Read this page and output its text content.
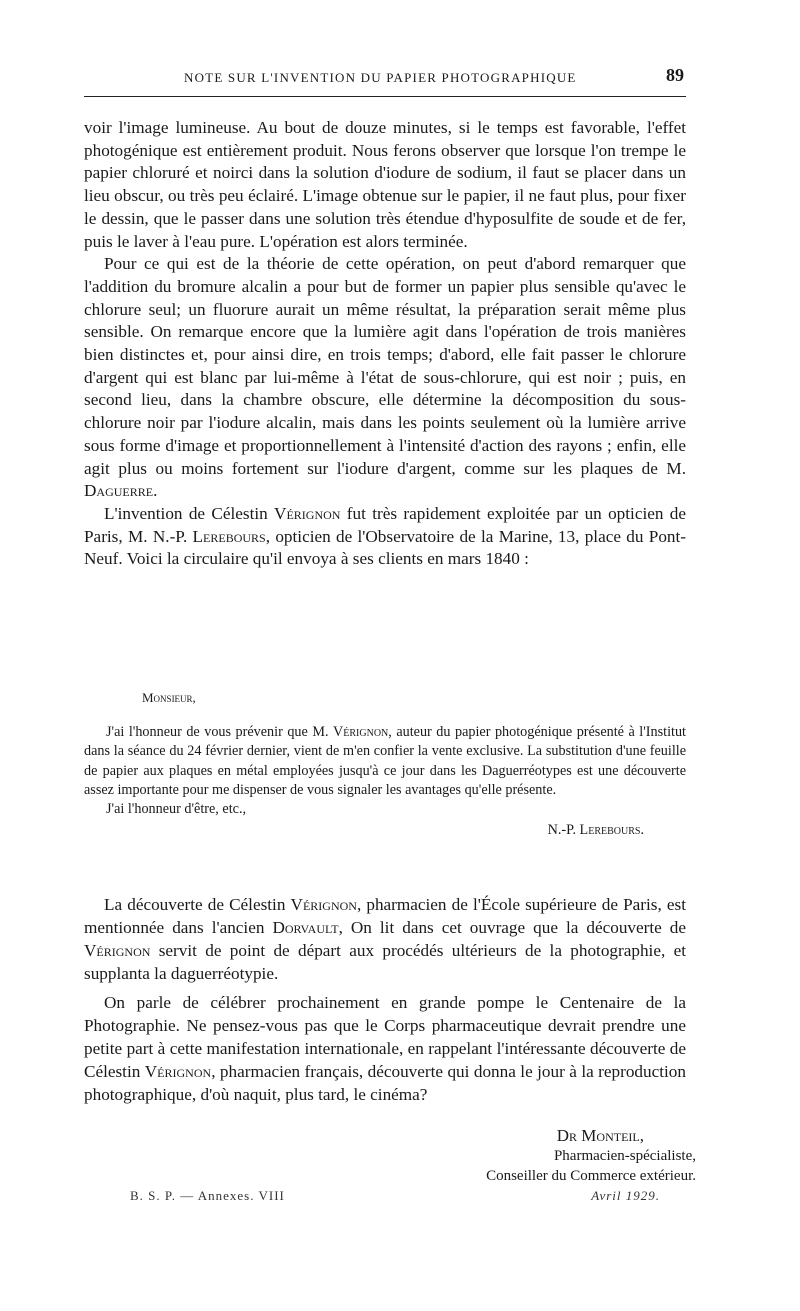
NOTE SUR L'INVENTION DU PAPIER PHOTOGRAPHIQUE	89

voir l'image lumineuse. Au bout de douze minutes, si le temps est favorable, l'effet photogénique est entièrement produit. Nous ferons observer que lorsque l'on trempe le papier chloruré et noirci dans la solution d'iodure de sodium, il faut se placer dans un lieu obscur, ou très peu éclairé. L'image obtenue sur le papier, il ne faut plus, pour fixer le dessin, que le passer dans une solution très étendue d'hyposulfite de soude et de fer, puis le laver à l'eau pure. L'opération est alors terminée.

Pour ce qui est de la théorie de cette opération, on peut d'abord remarquer que l'addition du bromure alcalin a pour but de former un papier plus sensible qu'avec le chlorure seul; un fluorure aurait un même résultat, la préparation serait même plus sensible. On remarque encore que la lumière agit dans l'opération de trois manières bien distinctes et, pour ainsi dire, en trois temps; d'abord, elle fait passer le chlorure d'argent qui est blanc par lui-même à l'état de sous-chlorure, qui est noir ; puis, en second lieu, dans la chambre obscure, elle détermine la décomposition du sous-chlorure noir par l'iodure alcalin, mais dans les points seulement où la lumière arrive sous forme d'image et proportionnellement à l'intensité d'action des rayons ; enfin, elle agit plus ou moins fortement sur l'iodure d'argent, comme sur les plaques de M. Daguerre.

L'invention de Célestin Vérignon fut très rapidement exploitée par un opticien de Paris, M. N.-P. Lerebours, opticien de l'Observatoire de la Marine, 13, place du Pont-Neuf. Voici la circulaire qu'il envoya à ses clients en mars 1840 :

Monsieur,

J'ai l'honneur de vous prévenir que M. Vérignon, auteur du papier photogénique présenté à l'Institut dans la séance du 24 février dernier, vient de m'en confier la vente exclusive. La substitution d'une feuille de papier aux plaques en métal employées jusqu'à ce jour dans les Daguerréotypes est une découverte assez importante pour me dispenser de vous signaler les avantages qu'elle présente.

J'ai l'honneur d'être, etc.,

N.-P. Lerebours.

La découverte de Célestin Vérignon, pharmacien de l'École supérieure de Paris, est mentionnée dans l'ancien Dorvault, On lit dans cet ouvrage que la découverte de Vérignon servit de point de départ aux procédés ultérieurs de la photographie, et supplanta la daguerréotypie.

On parle de célébrer prochainement en grande pompe le Centenaire de la Photographie. Ne pensez-vous pas que le Corps pharmaceutique devrait prendre une petite part à cette manifestation internationale, en rappelant l'intéressante découverte de Célestin Vérignon, pharmacien français, découverte qui donna le jour à la reproduction photographique, d'où naquit, plus tard, le cinéma?

Dr Monteil,
Pharmacien-spécialiste,
Conseiller du Commerce extérieur.
B. S. P. — Annexes. VIII	Avril 1929.
